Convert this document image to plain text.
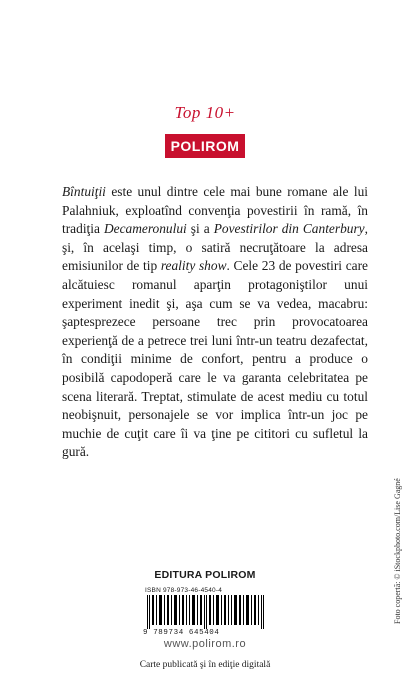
Top 10+
POLIROM

Bîntuiţii este unul dintre cele mai bune romane ale lui Palahniuk, exploatînd convenţia povestirii în ramă, în tradiţia Decameronului şi a Povestirilor din Canterbury, şi, în acelaşi timp, o satiră necruţătoare la adresa emisiunilor de tip reality show. Cele 23 de povestiri care alcătuiesc romanul aparţin protagoniştilor unui experiment inedit şi, aşa cum se va vedea, macabru: şaptesprezece persoane trec prin provocatoarea experienţă de a petrece trei luni într-un teatru dezafectat, în condiţii minime de confort, pentru a produce o posibilă capodoperă care le va garanta celebritatea pe scena literară. Treptat, stimulate de acest mediu cu totul neobişnuit, personajele se vor implica într-un joc pe muchie de cuţit care îi va ţine pe cititori cu sufletul la gură.

EDITURA POLIROM
ISBN 978-973-46-4540-4
9 789734 645404
www.polirom.ro
Carte publicată şi în ediţie digitală
Foto copertă: © iStockphoto.com/Lise Gagné
